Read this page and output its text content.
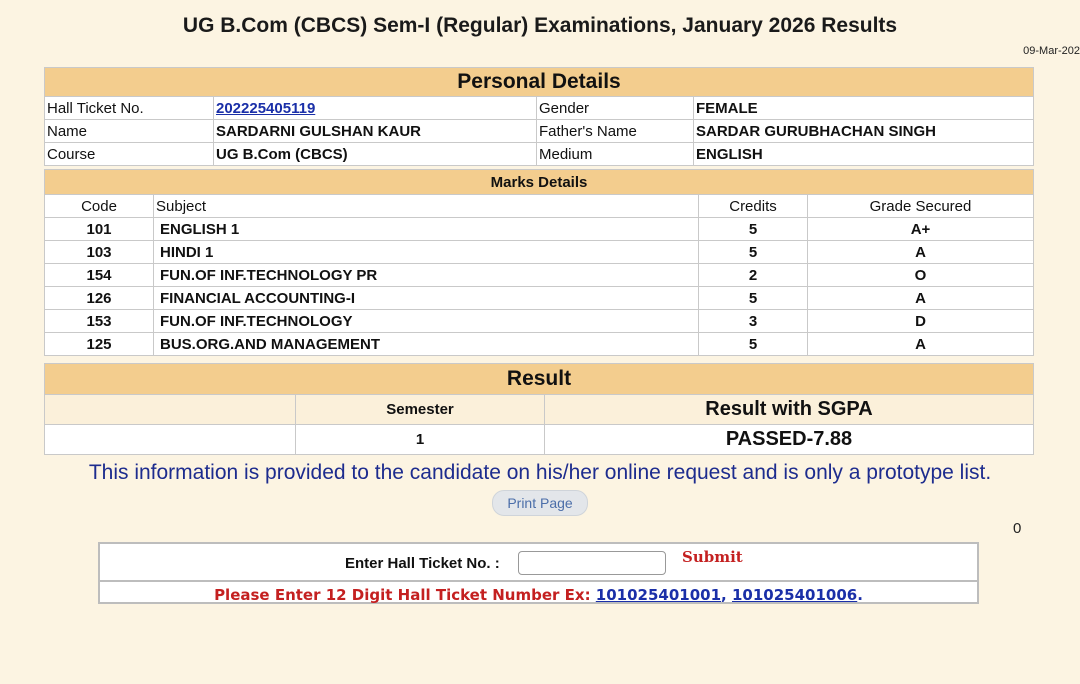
UG B.Com (CBCS) Sem-I (Regular) Examinations, January 2026 Results
09-Mar-202
Personal Details			
Hall Ticket No.	202225405119	Gender	FEMALE
Name	SARDARNI GULSHAN KAUR	Father's Name	SARDAR GURUBHACHAN SINGH
Course	UG B.Com (CBCS)	Medium	ENGLISH
Marks Details			
Code	Subject	Credits	Grade Secured
101	ENGLISH 1	5	A+
103	HINDI 1	5	A
154	FUN.OF INF.TECHNOLOGY PR	2	O
126	FINANCIAL ACCOUNTING-I	5	A
153	FUN.OF INF.TECHNOLOGY	3	D
125	BUS.ORG.AND MANAGEMENT	5	A
Result		
	Semester	Result with SGPA
	1	PASSED-7.88
This information is provided to the candidate on his/her online request and is only a prototype list.
Print Page
0
Enter Hall Ticket No. :	Submit
Please Enter 12 Digit Hall Ticket Number Ex: 101025401001, 101025401006.
